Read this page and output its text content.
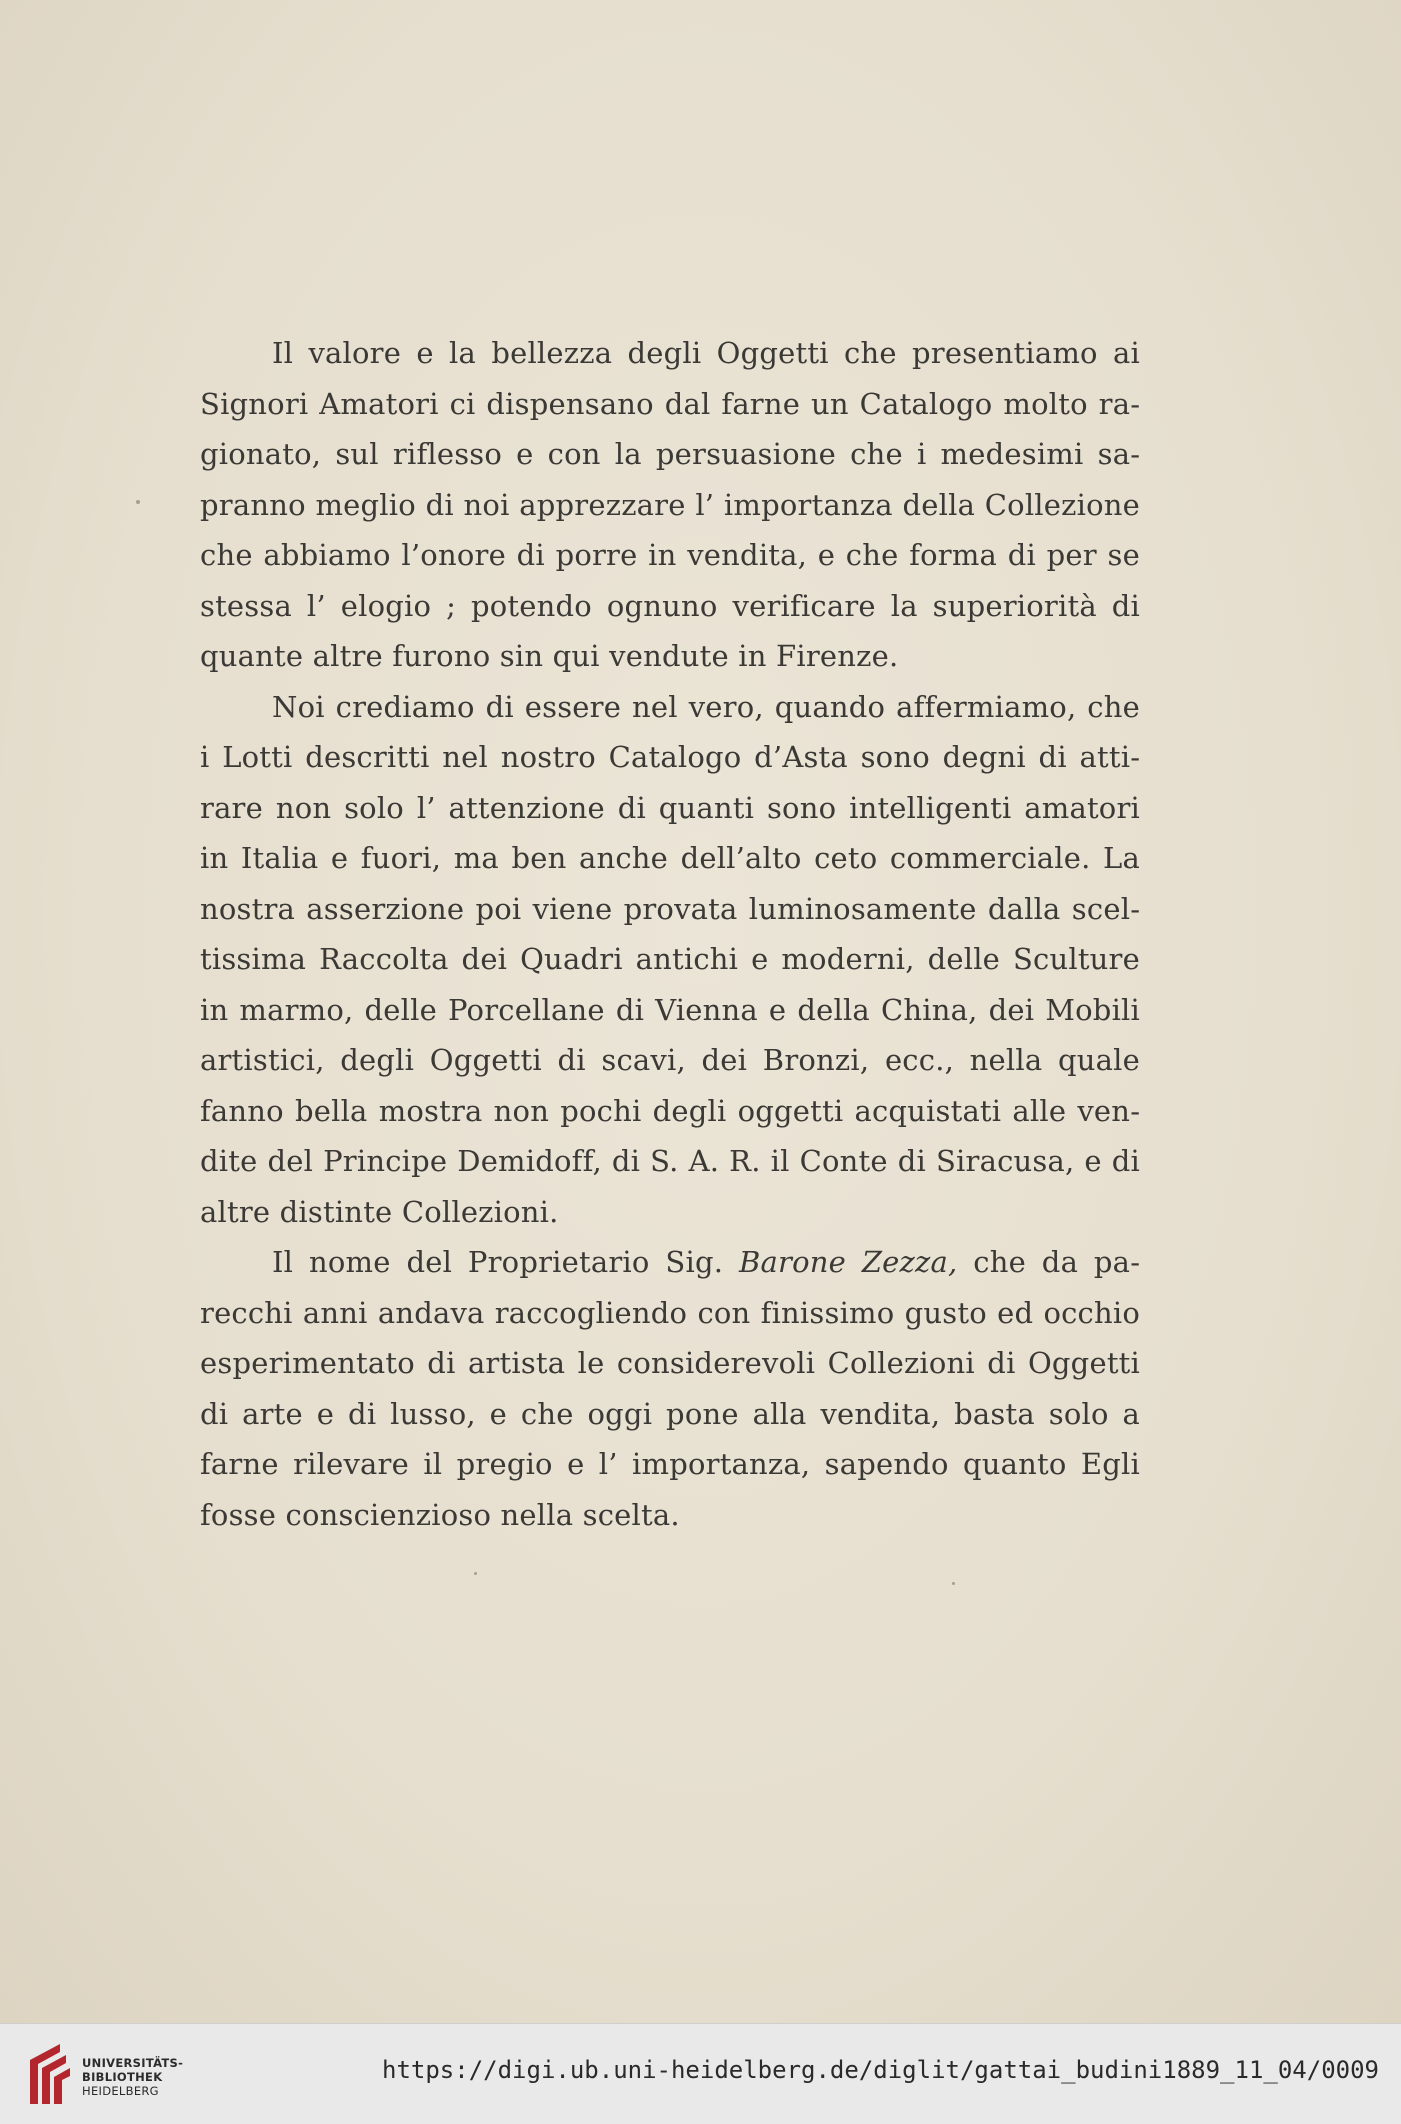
Il valore e la bellezza degli Oggetti che presentiamo ai Signori Amatori ci dispensano dal farne un Catalogo molto ragionato, sul riflesso e con la persuasione che i medesimi sapranno meglio di noi apprezzare l’ importanza della Collezione che abbiamo l’onore di porre in vendita, e che forma di per se stessa l’ elogio ; potendo ognuno verificare la superiorità di quante altre furono sin qui vendute in Firenze.

Noi crediamo di essere nel vero, quando affermiamo, che i Lotti descritti nel nostro Catalogo d’Asta sono degni di attirare non solo l’ attenzione di quanti sono intelligenti amatori in Italia e fuori, ma ben anche dell’alto ceto commerciale. La nostra asserzione poi viene provata luminosamente dalla sceltissima Raccolta dei Quadri antichi e moderni, delle Sculture in marmo, delle Porcellane di Vienna e della China, dei Mobili artistici, degli Oggetti di scavi, dei Bronzi, ecc., nella quale fanno bella mostra non pochi degli oggetti acquistati alle vendite del Principe Demidoff, di S. A. R. il Conte di Siracusa, e di altre distinte Collezioni.

Il nome del Proprietario Sig. Barone Zezza, che da parecchi anni andava raccogliendo con finissimo gusto ed occhio esperimentato di artista le considerevoli Collezioni di Oggetti di arte e di lusso, e che oggi pone alla vendita, basta solo a farne rilevare il pregio e l’ importanza, sapendo quanto Egli fosse conscienzioso nella scelta.

UNIVERSITÄTS-
BIBLIOTHEK
HEIDELBERG
https://digi.ub.uni-heidelberg.de/diglit/gattai_budini1889_11_04/0009
